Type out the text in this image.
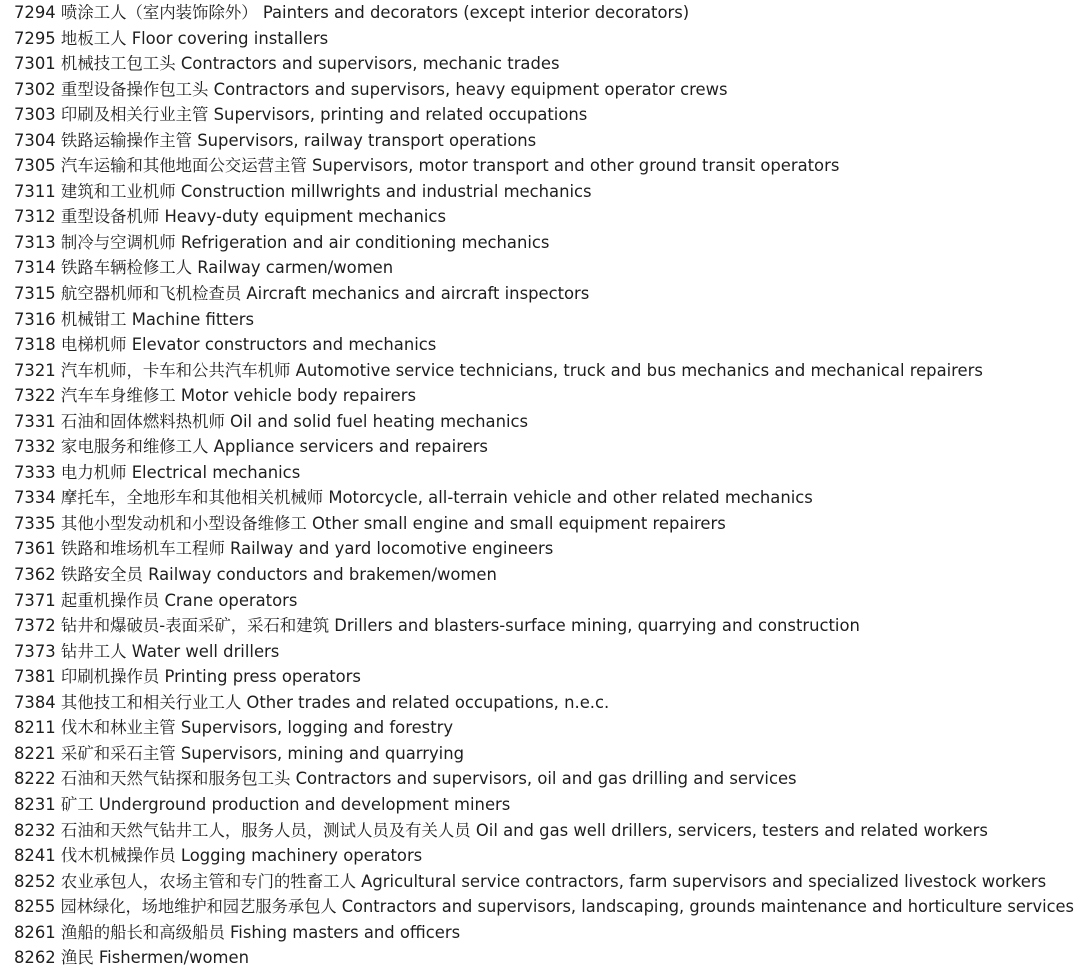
7294 喷涂工人（室内装饰除外） Painters and decorators (except interior decorators)
7295 地板工人 Floor covering installers
7301 机械技工包工头 Contractors and supervisors, mechanic trades
7302 重型设备操作包工头 Contractors and supervisors, heavy equipment operator crews
7303 印刷及相关行业主管 Supervisors, printing and related occupations
7304 铁路运输操作主管 Supervisors, railway transport operations
7305 汽车运输和其他地面公交运营主管 Supervisors, motor transport and other ground transit operators
7311 建筑和工业机师 Construction millwrights and industrial mechanics
7312 重型设备机师 Heavy-duty equipment mechanics
7313 制冷与空调机师 Refrigeration and air conditioning mechanics
7314 铁路车辆检修工人 Railway carmen/women
7315 航空器机师和飞机检查员 Aircraft mechanics and aircraft inspectors
7316 机械钳工 Machine fitters
7318 电梯机师 Elevator constructors and mechanics
7321 汽车机师，卡车和公共汽车机师 Automotive service technicians, truck and bus mechanics and mechanical repairers
7322 汽车车身维修工 Motor vehicle body repairers
7331 石油和固体燃料热机师 Oil and solid fuel heating mechanics
7332 家电服务和维修工人 Appliance servicers and repairers
7333 电力机师 Electrical mechanics
7334 摩托车，全地形车和其他相关机械师 Motorcycle, all-terrain vehicle and other related mechanics
7335 其他小型发动机和小型设备维修工 Other small engine and small equipment repairers
7361 铁路和堆场机车工程师 Railway and yard locomotive engineers
7362 铁路安全员 Railway conductors and brakemen/women
7371 起重机操作员 Crane operators
7372 钻井和爆破员-表面采矿，采石和建筑 Drillers and blasters-surface mining, quarrying and construction
7373 钻井工人 Water well drillers
7381 印刷机操作员 Printing press operators
7384 其他技工和相关行业工人 Other trades and related occupations, n.e.c.
8211 伐木和林业主管 Supervisors, logging and forestry
8221 采矿和采石主管 Supervisors, mining and quarrying
8222 石油和天然气钻探和服务包工头 Contractors and supervisors, oil and gas drilling and services
8231 矿工 Underground production and development miners
8232 石油和天然气钻井工人，服务人员，测试人员及有关人员 Oil and gas well drillers, servicers, testers and related workers
8241 伐木机械操作员 Logging machinery operators
8252 农业承包人，农场主管和专门的牲畜工人 Agricultural service contractors, farm supervisors and specialized livestock workers
8255 园林绿化，场地维护和园艺服务承包人 Contractors and supervisors, landscaping, grounds maintenance and horticulture services
8261 渔船的船长和高级船员 Fishing masters and officers
8262 渔民 Fishermen/women
